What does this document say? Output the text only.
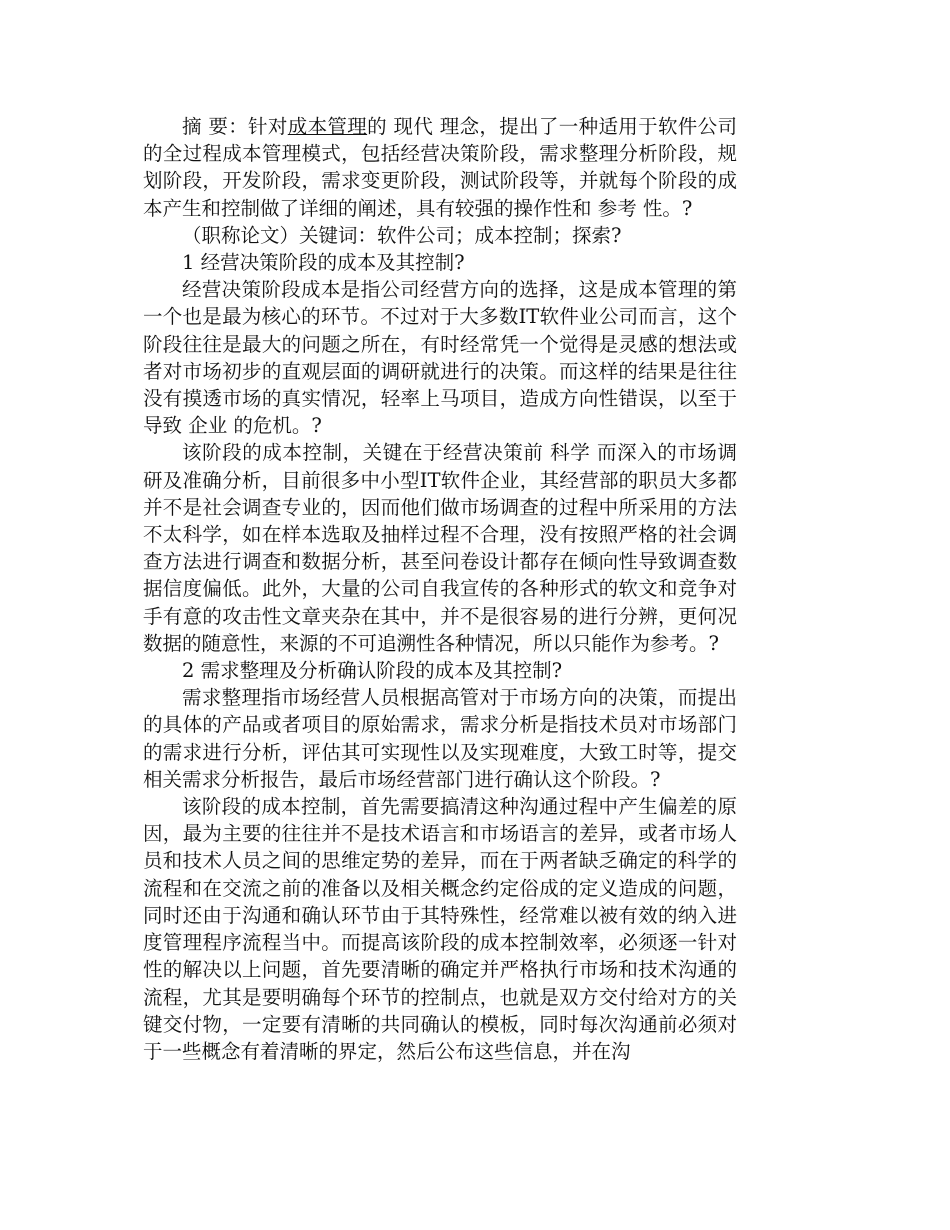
摘 要：针对成本管理的 现代 理念，提出了一种适用于软件公司的全过程成本管理模式，包括经营决策阶段，需求整理分析阶段，规划阶段，开发阶段，需求变更阶段，测试阶段等，并就每个阶段的成本产生和控制做了详细的阐述，具有较强的操作性和 参考 性。?

（职称论文）关键词：软件公司；成本控制；探索?

1 经营决策阶段的成本及其控制?

经营决策阶段成本是指公司经营方向的选择，这是成本管理的第一个也是最为核心的环节。不过对于大多数IT软件业公司而言，这个阶段往往是最大的问题之所在，有时经常凭一个觉得是灵感的想法或者对市场初步的直观层面的调研就进行的决策。而这样的结果是往往没有摸透市场的真实情况，轻率上马项目，造成方向性错误，以至于导致 企业 的危机。?

该阶段的成本控制，关键在于经营决策前 科学 而深入的市场调研及准确分析，目前很多中小型IT软件企业，其经营部的职员大多都并不是社会调查专业的，因而他们做市场调查的过程中所采用的方法不太科学，如在样本选取及抽样过程不合理，没有按照严格的社会调查方法进行调查和数据分析，甚至问卷设计都存在倾向性导致调查数据信度偏低。此外，大量的公司自我宣传的各种形式的软文和竞争对手有意的攻击性文章夹杂在其中，并不是很容易的进行分辨，更何况数据的随意性，来源的不可追溯性各种情况，所以只能作为参考。?

2 需求整理及分析确认阶段的成本及其控制?

需求整理指市场经营人员根据高管对于市场方向的决策，而提出的具体的产品或者项目的原始需求，需求分析是指技术员对市场部门的需求进行分析，评估其可实现性以及实现难度，大致工时等，提交相关需求分析报告，最后市场经营部门进行确认这个阶段。?

该阶段的成本控制，首先需要搞清这种沟通过程中产生偏差的原因，最为主要的往往并不是技术语言和市场语言的差异，或者市场人员和技术人员之间的思维定势的差异，而在于两者缺乏确定的科学的流程和在交流之前的准备以及相关概念约定俗成的定义造成的问题，同时还由于沟通和确认环节由于其特殊性，经常难以被有效的纳入进度管理程序流程当中。而提高该阶段的成本控制效率，必须逐一针对性的解决以上问题，首先要清晰的确定并严格执行市场和技术沟通的流程，尤其是要明确每个环节的控制点，也就是双方交付给对方的关键交付物，一定要有清晰的共同确认的模板，同时每次沟通前必须对于一些概念有着清晰的界定，然后公布这些信息，并在沟
